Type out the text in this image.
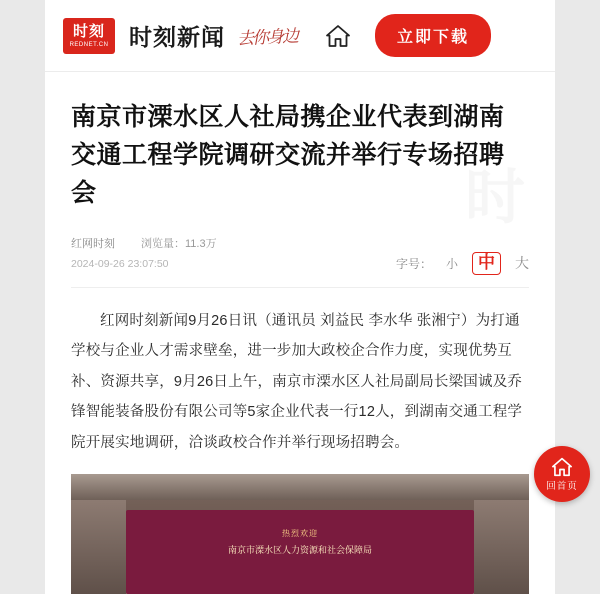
时刻
REDNET.CN 时刻新闻 去你身边	立即下载
南京市溧水区人社局携企业代表到湖南交通工程学院调研交流并举行专场招聘会
红网时刻 浏览量：11.3万
2024-09-26 23:07:50	字号： 小	中	大

红网时刻新闻9月26日讯（通讯员 刘益民 李水华 张湘宁）为打通学校与企业人才需求壁垒，进一步加大政校企合作力度，实现优势互补、资源共享，9月26日上午，南京市溧水区人社局副局长梁国诚及乔锋智能装备股份有限公司等5家企业代表一行12人，到湖南交通工程学院开展实地调研，洽谈政校合作并举行现场招聘会。

热烈欢迎
南京市溧水区人力资源和社会保障局
回首页
